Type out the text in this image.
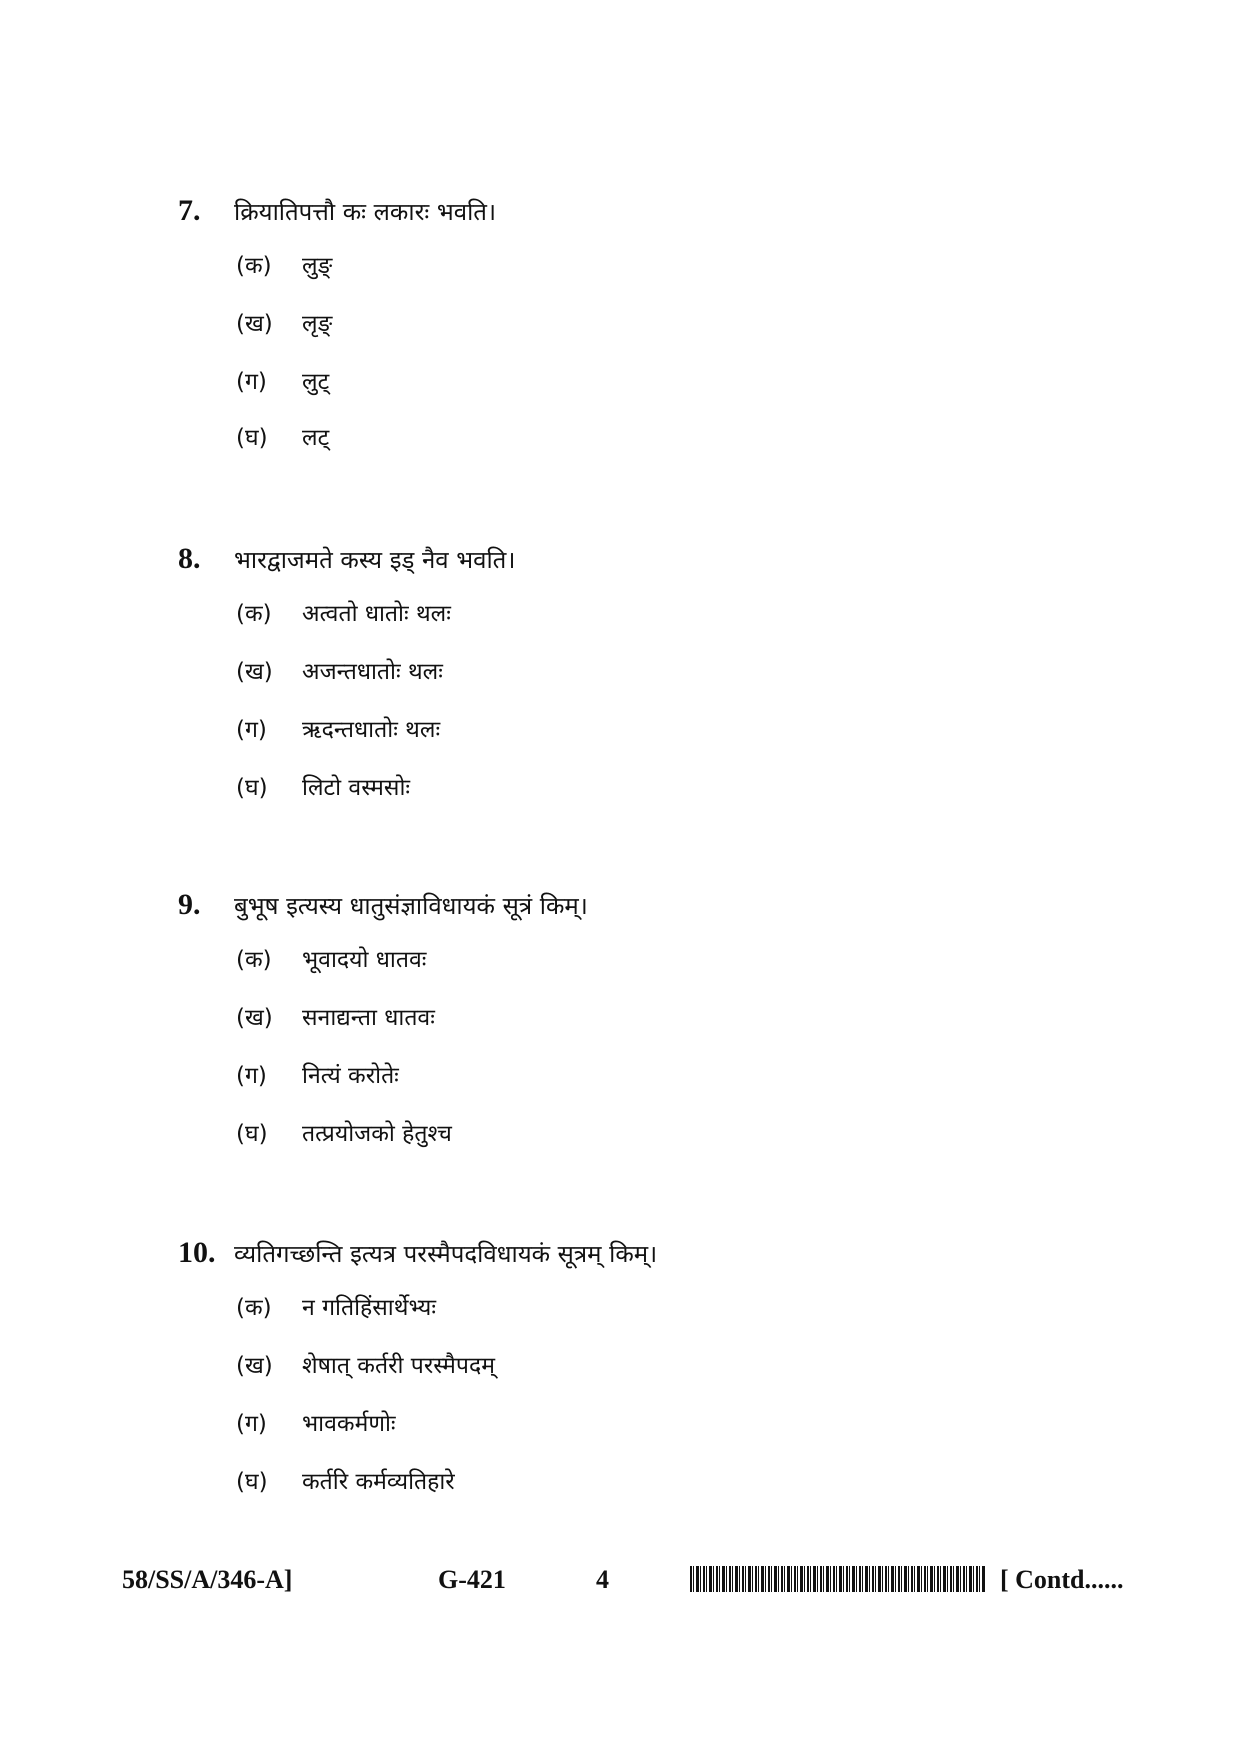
7. क्रियातिपत्तौ कः लकारः भवति।
(क) लुङ्
(ख) लृङ्
(ग) लुट्
(घ) लट्
8. भारद्वाजमते कस्य इड् नैव भवति।
(क) अत्वतो धातोः थलः
(ख) अजन्तधातोः थलः
(ग) ऋदन्तधातोः थलः
(घ) लिटो वस्मसोः
9. बुभूष इत्यस्य धातुसंज्ञाविधायकं सूत्रं किम्।
(क) भूवादयो धातवः
(ख) सनाद्यन्ता धातवः
(ग) नित्यं करोतेः
(घ) तत्प्रयोजको हेतुश्च
10. व्यतिगच्छन्ति इत्यत्र परस्मैपदविधायकं सूत्रम् किम्।
(क) न गतिहिंसार्थेभ्यः
(ख) शेषात् कर्तरी परस्मैपदम्
(ग) भावकर्मणोः
(घ) कर्तरि कर्मव्यतिहारे
58/SS/A/346-A]	G-421	4	[ Contd......
